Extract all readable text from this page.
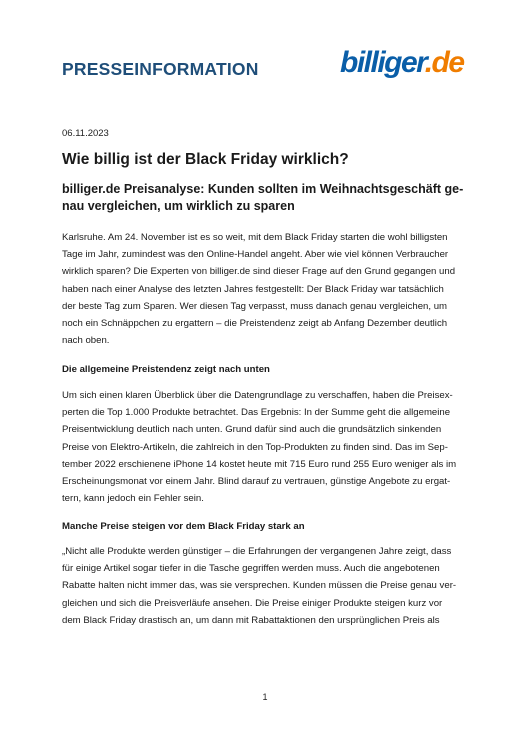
PRESSEINFORMATION	billiger.de
06.11.2023
Wie billig ist der Black Friday wirklich?
billiger.de Preisanalyse: Kunden sollten im Weihnachtsgeschäft ge-
nau vergleichen, um wirklich zu sparen
Karlsruhe. Am 24. November ist es so weit, mit dem Black Friday starten die wohl billigsten
Tage im Jahr, zumindest was den Online-Handel angeht. Aber wie viel können Verbraucher
wirklich sparen? Die Experten von billiger.de sind dieser Frage auf den Grund gegangen und
haben nach einer Analyse des letzten Jahres festgestellt: Der Black Friday war tatsächlich
der beste Tag zum Sparen. Wer diesen Tag verpasst, muss danach genau vergleichen, um
noch ein Schnäppchen zu ergattern – die Preistendenz zeigt ab Anfang Dezember deutlich
nach oben.
Die allgemeine Preistendenz zeigt nach unten
Um sich einen klaren Überblick über die Datengrundlage zu verschaffen, haben die Preisex-
perten die Top 1.000 Produkte betrachtet. Das Ergebnis: In der Summe geht die allgemeine
Preisentwicklung deutlich nach unten. Grund dafür sind auch die grundsätzlich sinkenden
Preise von Elektro-Artikeln, die zahlreich in den Top-Produkten zu finden sind. Das im Sep-
tember 2022 erschienene iPhone 14 kostet heute mit 715 Euro rund 255 Euro weniger als im
Erscheinungsmonat vor einem Jahr. Blind darauf zu vertrauen, günstige Angebote zu ergat-
tern, kann jedoch ein Fehler sein.
Manche Preise steigen vor dem Black Friday stark an
„Nicht alle Produkte werden günstiger – die Erfahrungen der vergangenen Jahre zeigt, dass
für einige Artikel sogar tiefer in die Tasche gegriffen werden muss. Auch die angebotenen
Rabatte halten nicht immer das, was sie versprechen. Kunden müssen die Preise genau ver-
gleichen und sich die Preisverläufe ansehen. Die Preise einiger Produkte steigen kurz vor
dem Black Friday drastisch an, um dann mit Rabattaktionen den ursprünglichen Preis als
1
